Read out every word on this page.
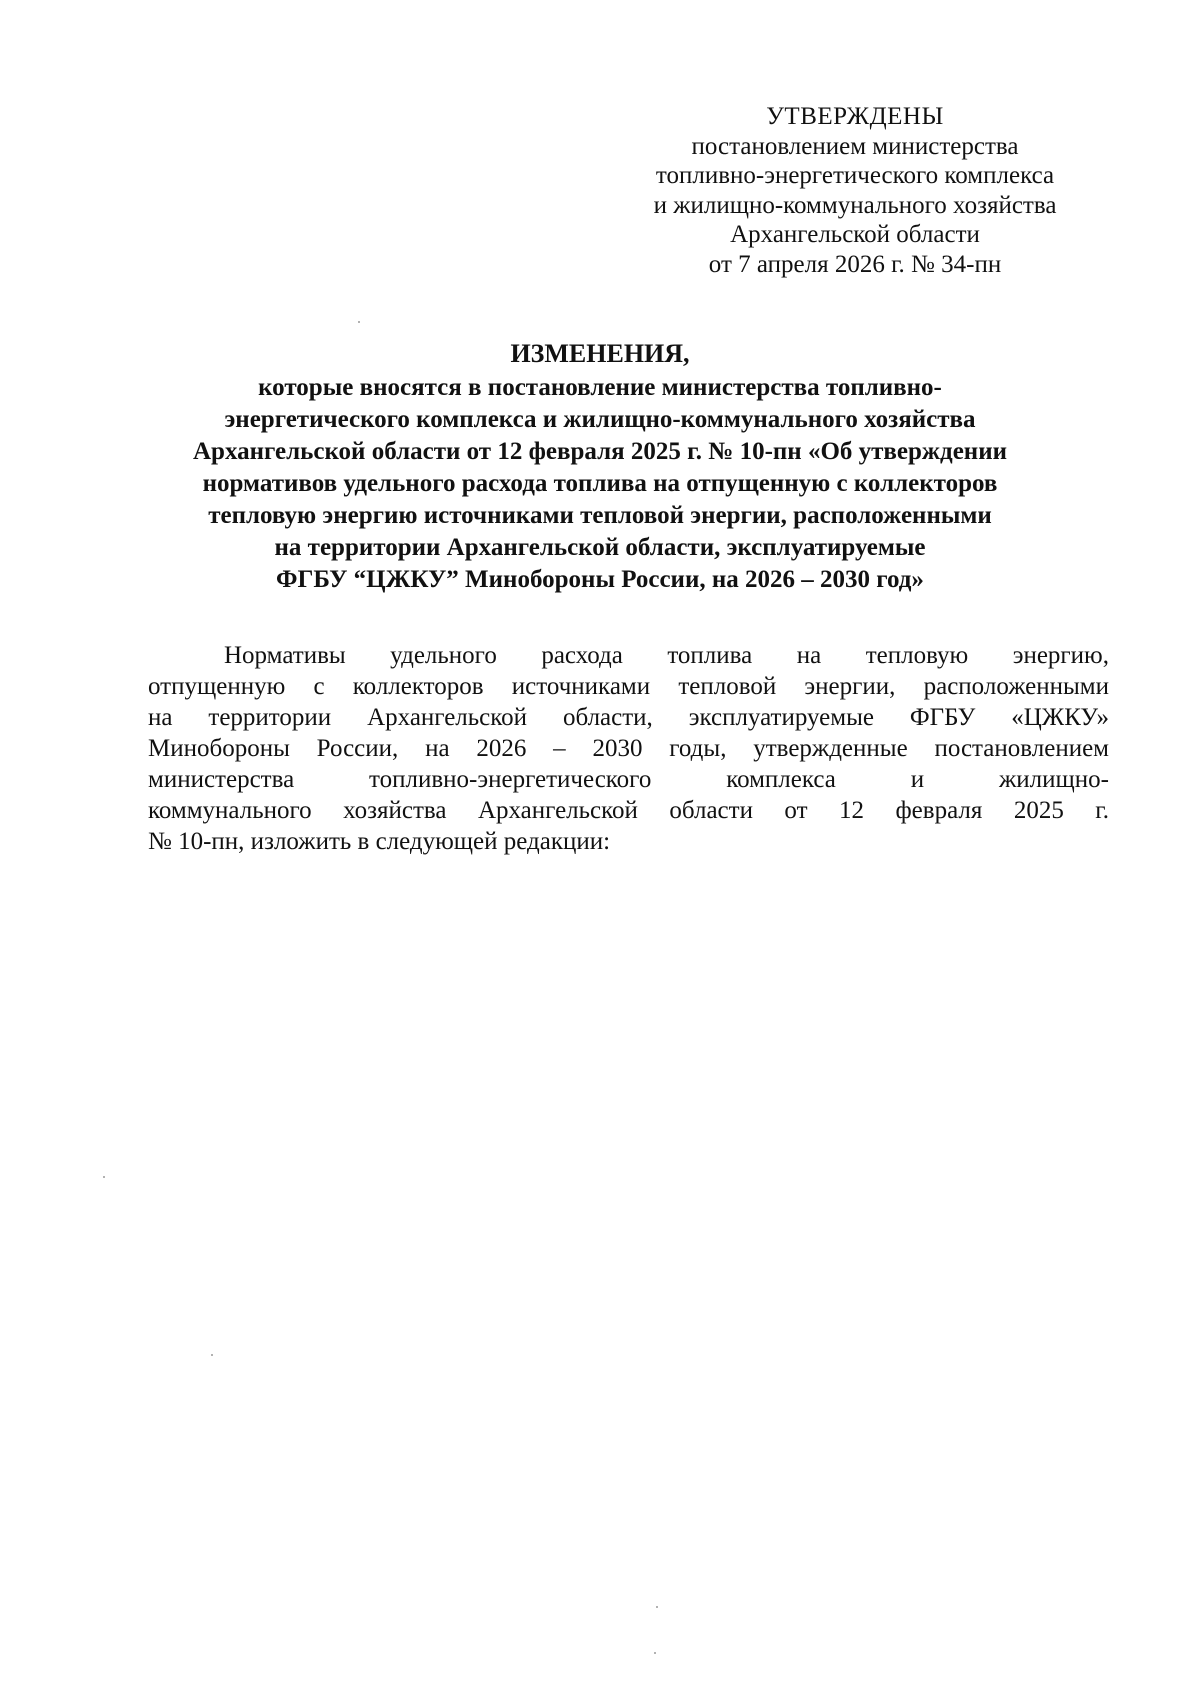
УТВЕРЖДЕНЫ
постановлением министерства
топливно-энергетического комплекса
и жилищно-коммунального хозяйства
Архангельской области
от 7 апреля 2026 г. № 34-пн
ИЗМЕНЕНИЯ,
которые вносятся в постановление министерства топливно-
энергетического комплекса и жилищно-коммунального хозяйства
Архангельской области от 12 февраля 2025 г. № 10-пн «Об утверждении
нормативов удельного расхода топлива на отпущенную с коллекторов
тепловую энергию источниками тепловой энергии, расположенными
на территории Архангельской области, эксплуатируемые
ФГБУ “ЦЖКУ” Минобороны России, на 2026 – 2030 год»
Нормативы удельного расхода топлива на тепловую энергию,
отпущенную с коллекторов источниками тепловой энергии, расположенными
на территории Архангельской области, эксплуатируемые ФГБУ «ЦЖКУ»
Минобороны России, на 2026 – 2030 годы, утвержденные постановлением
министерства топливно-энергетического комплекса и жилищно-
коммунального хозяйства Архангельской области от 12 февраля 2025 г.
№ 10-пн, изложить в следующей редакции:
